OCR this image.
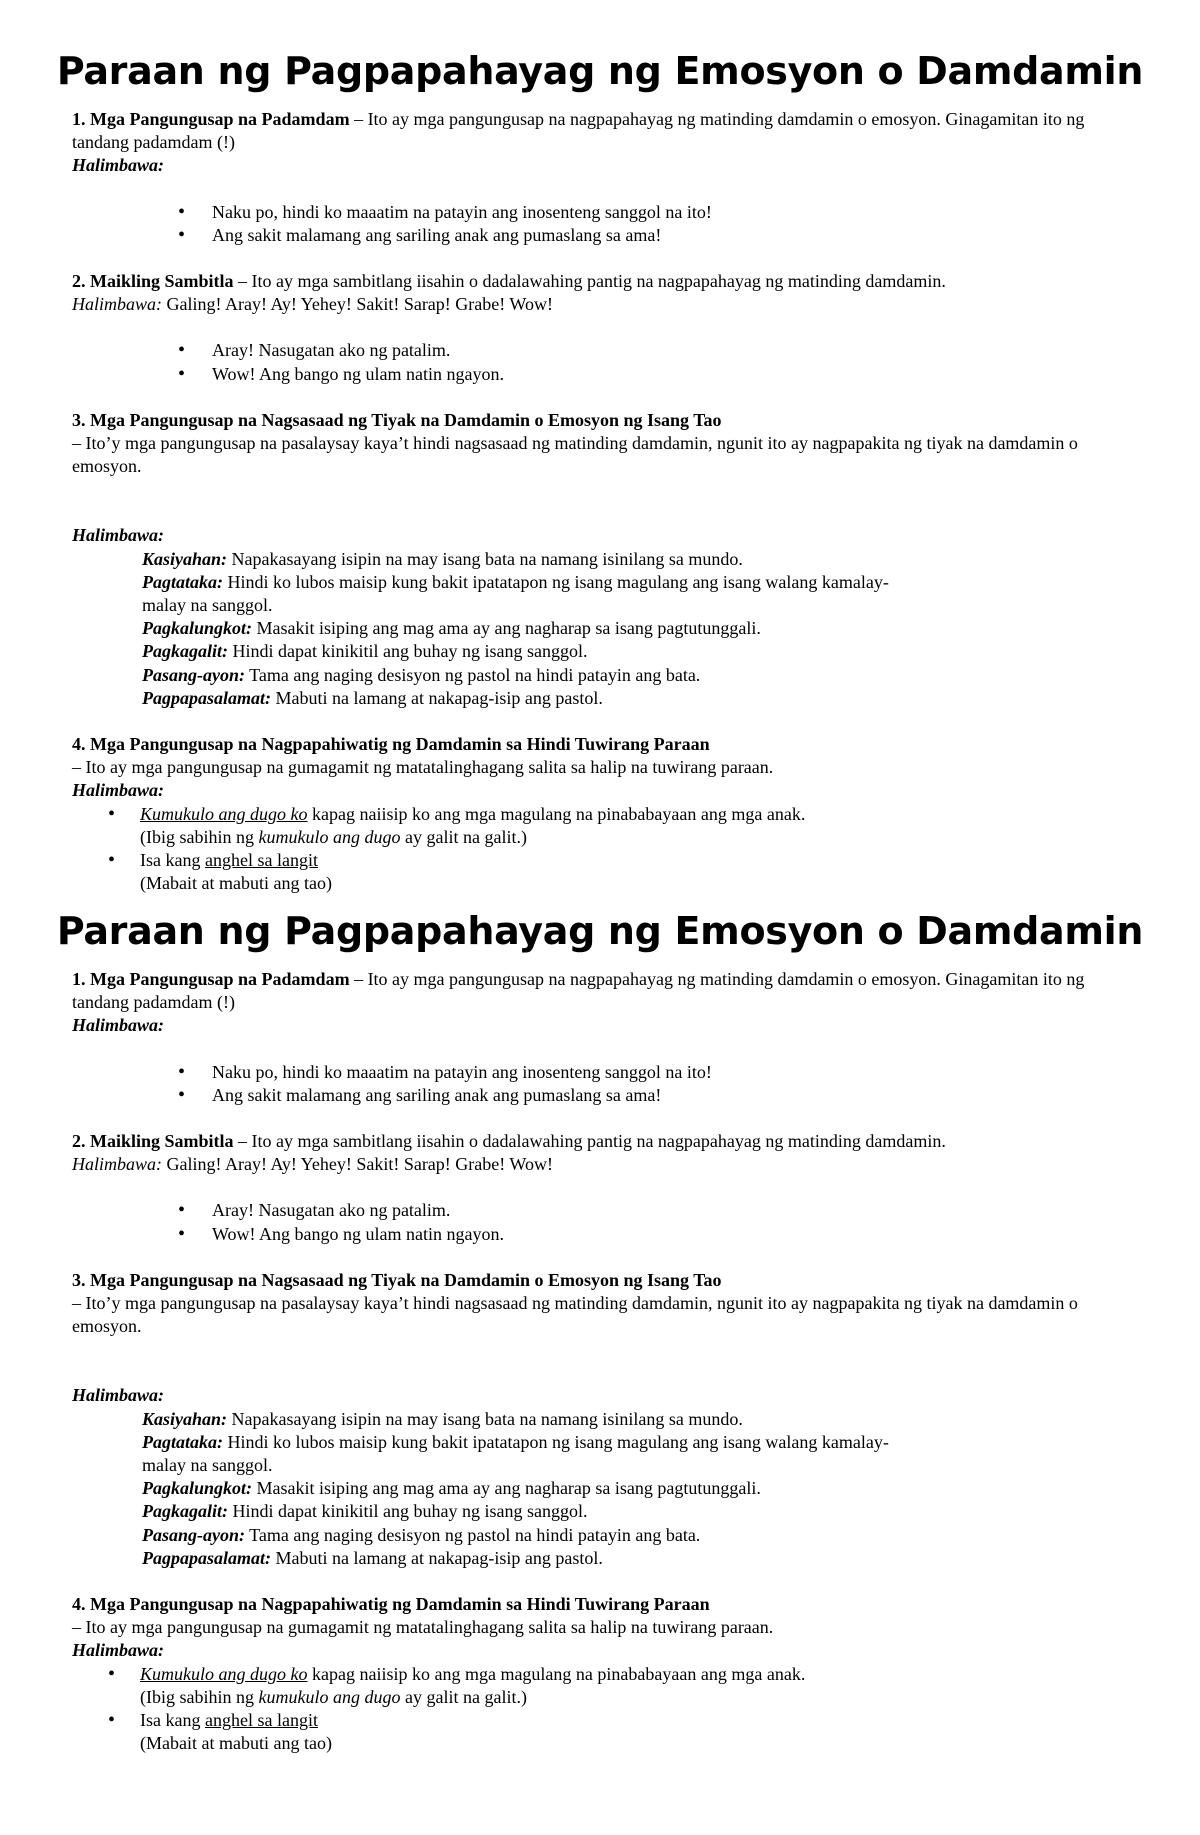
Paraan ng Pagpapahayag ng Emosyon o Damdamin

1. Mga Pangungusap na Padamdam – Ito ay mga pangungusap na nagpapahayag ng matinding damdamin o emosyon. Ginagamitan ito ng tandang padamdam (!)

Halimbawa:

• Naku po, hindi ko maaatim na patayin ang inosenteng sanggol na ito!
• Ang sakit malamang ang sariling anak ang pumaslang sa ama!

2. Maikling Sambitla – Ito ay mga sambitlang iisahin o dadalawahing pantig na nagpapahayag ng matinding damdamin.

Halimbawa: Galing! Aray! Ay! Yehey! Sakit! Sarap! Grabe! Wow!

• Aray! Nasugatan ako ng patalim.
• Wow! Ang bango ng ulam natin ngayon.

3. Mga Pangungusap na Nagsasaad ng Tiyak na Damdamin o Emosyon ng Isang Tao
– Ito’y mga pangungusap na pasalaysay kaya’t hindi nagsasaad ng matinding damdamin, ngunit ito ay nagpapakita ng tiyak na damdamin o emosyon.

Halimbawa:

Kasiyahan: Napakasayang isipin na may isang bata na namang isinilang sa mundo.

Pagtataka: Hindi ko lubos maisip kung bakit ipatatapon ng isang magulang ang isang walang kamalay-malay na sanggol.

Pagkalungkot: Masakit isiping ang mag ama ay ang nagharap sa isang pagtutunggali.

Pagkagalit: Hindi dapat kinikitil ang buhay ng isang sanggol.

Pasang-ayon: Tama ang naging desisyon ng pastol na hindi patayin ang bata.

Pagpapasalamat: Mabuti na lamang at nakapag-isip ang pastol.

4. Mga Pangungusap na Nagpapahiwatig ng Damdamin sa Hindi Tuwirang Paraan
– Ito ay mga pangungusap na gumagamit ng matatalinghagang salita sa halip na tuwirang paraan.

Halimbawa:

• Kumukulo ang dugo ko kapag naiisip ko ang mga magulang na pinababayaan ang mga anak.
(Ibig sabihin ng kumukulo ang dugo ay galit na galit.)
• Isa kang anghel sa langit
(Mabait at mabuti ang tao)
Paraan ng Pagpapahayag ng Emosyon o Damdamin

1. Mga Pangungusap na Padamdam – Ito ay mga pangungusap na nagpapahayag ng matinding damdamin o emosyon. Ginagamitan ito ng tandang padamdam (!)

Halimbawa:

• Naku po, hindi ko maaatim na patayin ang inosenteng sanggol na ito!
• Ang sakit malamang ang sariling anak ang pumaslang sa ama!

2. Maikling Sambitla – Ito ay mga sambitlang iisahin o dadalawahing pantig na nagpapahayag ng matinding damdamin.

Halimbawa: Galing! Aray! Ay! Yehey! Sakit! Sarap! Grabe! Wow!

• Aray! Nasugatan ako ng patalim.
• Wow! Ang bango ng ulam natin ngayon.

3. Mga Pangungusap na Nagsasaad ng Tiyak na Damdamin o Emosyon ng Isang Tao
– Ito’y mga pangungusap na pasalaysay kaya’t hindi nagsasaad ng matinding damdamin, ngunit ito ay nagpapakita ng tiyak na damdamin o emosyon.

Halimbawa:

Kasiyahan: Napakasayang isipin na may isang bata na namang isinilang sa mundo.

Pagtataka: Hindi ko lubos maisip kung bakit ipatatapon ng isang magulang ang isang walang kamalay-malay na sanggol.

Pagkalungkot: Masakit isiping ang mag ama ay ang nagharap sa isang pagtutunggali.

Pagkagalit: Hindi dapat kinikitil ang buhay ng isang sanggol.

Pasang-ayon: Tama ang naging desisyon ng pastol na hindi patayin ang bata.

Pagpapasalamat: Mabuti na lamang at nakapag-isip ang pastol.

4. Mga Pangungusap na Nagpapahiwatig ng Damdamin sa Hindi Tuwirang Paraan
– Ito ay mga pangungusap na gumagamit ng matatalinghagang salita sa halip na tuwirang paraan.

Halimbawa:

• Kumukulo ang dugo ko kapag naiisip ko ang mga magulang na pinababayaan ang mga anak.
(Ibig sabihin ng kumukulo ang dugo ay galit na galit.)
• Isa kang anghel sa langit
(Mabait at mabuti ang tao)
